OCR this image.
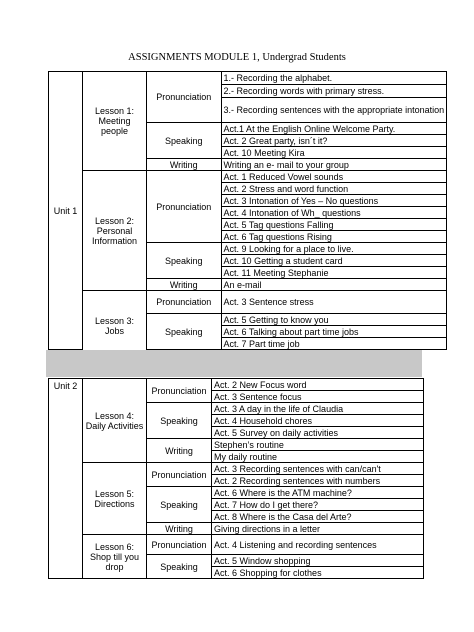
ASSIGNMENTS MODULE 1, Undergrad Students
Unit 1	Lesson 1: Meeting people	Pronunciation	1.- Recording the alphabet.
			2.- Recording words with primary stress.
			3.- Recording sentences with the appropriate intonation
		Speaking	Act.1 At the English Online Welcome Party.
			Act. 2 Great party, isn´t it?
			Act. 10 Meeting Kira
		Writing	Writing an e- mail to your group
	Lesson 2: Personal Information	Pronunciation	Act. 1 Reduced Vowel sounds
			Act. 2 Stress and word function
			Act. 3 Intonation of Yes – No questions
			Act. 4 Intonation of Wh_ questions
			Act. 5 Tag questions Falling
			Act. 6 Tag questions Rising
		Speaking	Act. 9 Looking for a place to live.
			Act. 10 Getting a student card
			Act. 11 Meeting Stephanie
		Writing	An e-mail
	Lesson 3: Jobs	Pronunciation	Act. 3 Sentence stress
		Speaking	Act. 5 Getting to know you
			Act. 6 Talking about part time jobs
			Act. 7 Part time job

Unit 2	Lesson 4: Daily Activities	Pronunciation	Act. 2 New Focus word
			Act. 3 Sentence focus
		Speaking	Act. 3 A day in the life of Claudia
			Act. 4 Household chores
			Act. 5 Survey on daily activities
		Writing	Stephen’s routine
			My daily routine
	Lesson 5: Directions	Pronunciation	Act. 3 Recording sentences with can/can't
			Act. 2 Recording sentences with numbers
		Speaking	Act. 6 Where is the ATM machine?
			Act. 7 How do I get there?
			Act. 8 Where is the Casa del Arte?
		Writing	Giving directions in a letter
	Lesson 6: Shop till you drop	Pronunciation	Act. 4 Listening and recording sentences
		Speaking	Act. 5 Window shopping
			Act. 6 Shopping for clothes
